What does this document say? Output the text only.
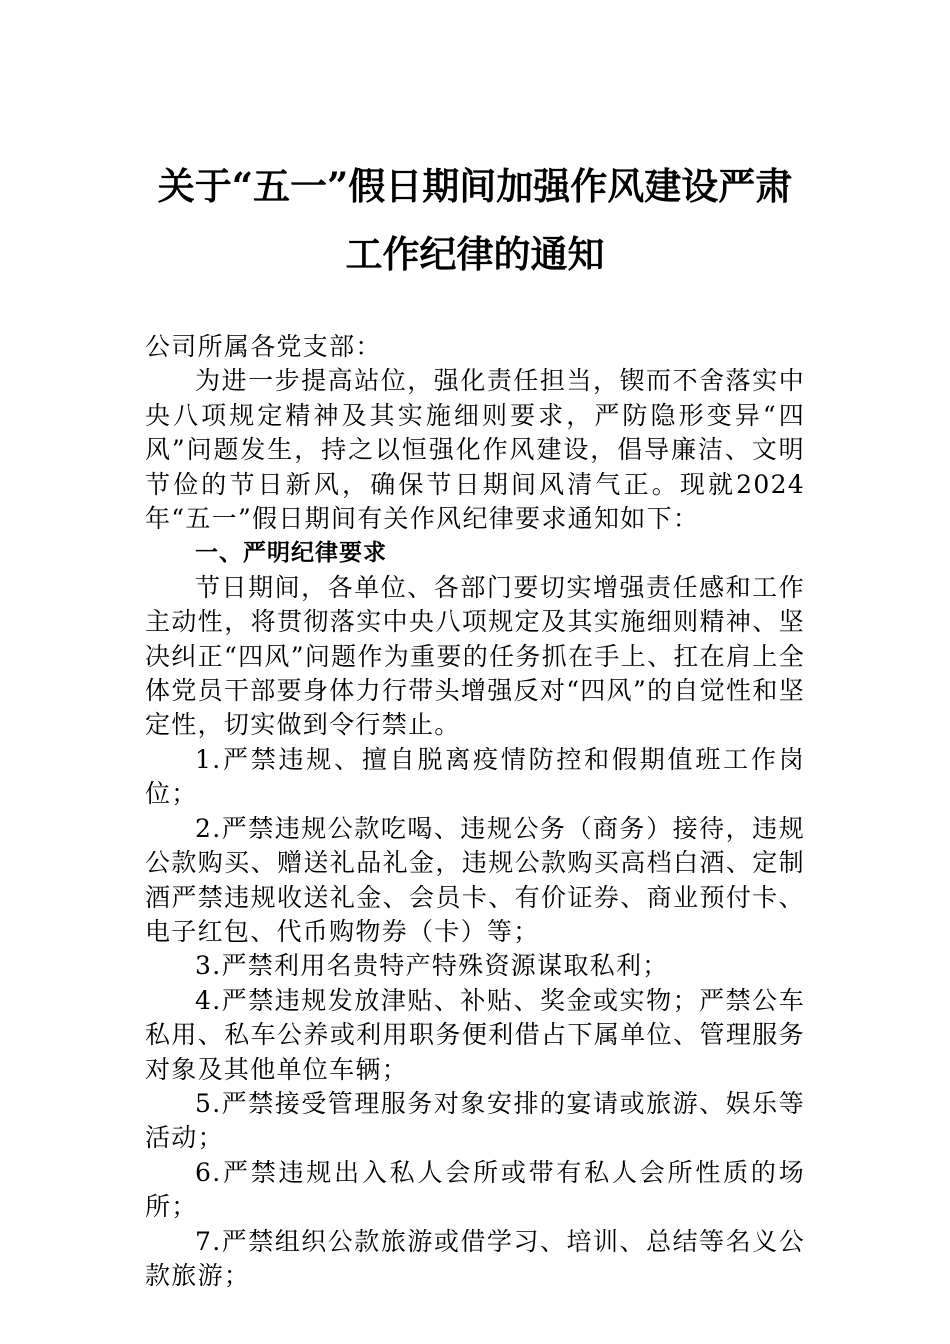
关于“五一”假日期间加强作风建设严肃
工作纪律的通知

公司所属各党支部：

为进一步提高站位，强化责任担当，锲而不舍落实中央八项规定精神及其实施细则要求，严防隐形变异“四风”问题发生，持之以恒强化作风建设，倡导廉洁、文明节俭的节日新风，确保节日期间风清气正。现就2024年“五一”假日期间有关作风纪律要求通知如下：

一、严明纪律要求

节日期间，各单位、各部门要切实增强责任感和工作主动性，将贯彻落实中央八项规定及其实施细则精神、坚决纠正“四风”问题作为重要的任务抓在手上、扛在肩上全体党员干部要身体力行带头增强反对“四风”的自觉性和坚定性，切实做到令行禁止。

1.严禁违规、擅自脱离疫情防控和假期值班工作岗位；

2.严禁违规公款吃喝、违规公务（商务）接待，违规公款购买、赠送礼品礼金，违规公款购买高档白酒、定制酒严禁违规收送礼金、会员卡、有价证券、商业预付卡、电子红包、代币购物券（卡）等；

3.严禁利用名贵特产特殊资源谋取私利；

4.严禁违规发放津贴、补贴、奖金或实物；严禁公车私用、私车公养或利用职务便利借占下属单位、管理服务对象及其他单位车辆；

5.严禁接受管理服务对象安排的宴请或旅游、娱乐等活动；

6.严禁违规出入私人会所或带有私人会所性质的场所；

7.严禁组织公款旅游或借学习、培训、总结等名义公款旅游；
